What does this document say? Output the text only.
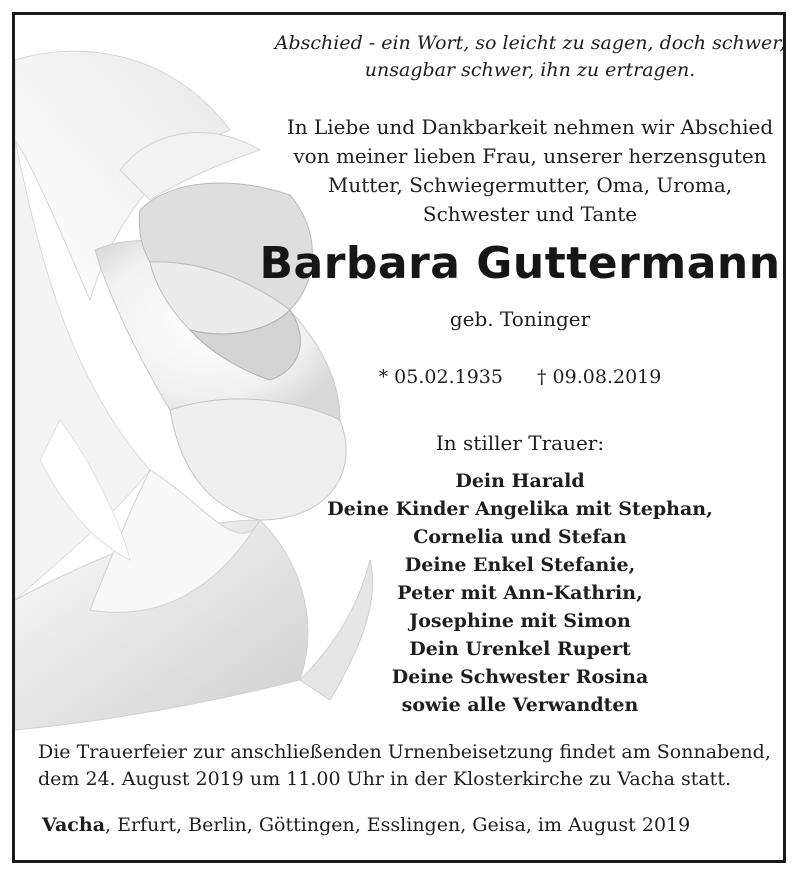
Abschied - ein Wort, so leicht zu sagen, doch schwer,
unsagbar schwer, ihn zu ertragen.
In Liebe und Dankbarkeit nehmen wir Abschied
von meiner lieben Frau, unserer herzensguten
Mutter, Schwiegermutter, Oma, Uroma,
Schwester und Tante
Barbara Guttermann
geb. Toninger
* 05.02.1935 † 09.08.2019
In stiller Trauer:
Dein Harald
Deine Kinder Angelika mit Stephan,
Cornelia und Stefan
Deine Enkel Stefanie,
Peter mit Ann-Kathrin,
Josephine mit Simon
Dein Urenkel Rupert
Deine Schwester Rosina
sowie alle Verwandten
Die Trauerfeier zur anschließenden Urnenbeisetzung findet am Sonnabend,
dem 24. August 2019 um 11.00 Uhr in der Klosterkirche zu Vacha statt.
Vacha, Erfurt, Berlin, Göttingen, Esslingen, Geisa, im August 2019
